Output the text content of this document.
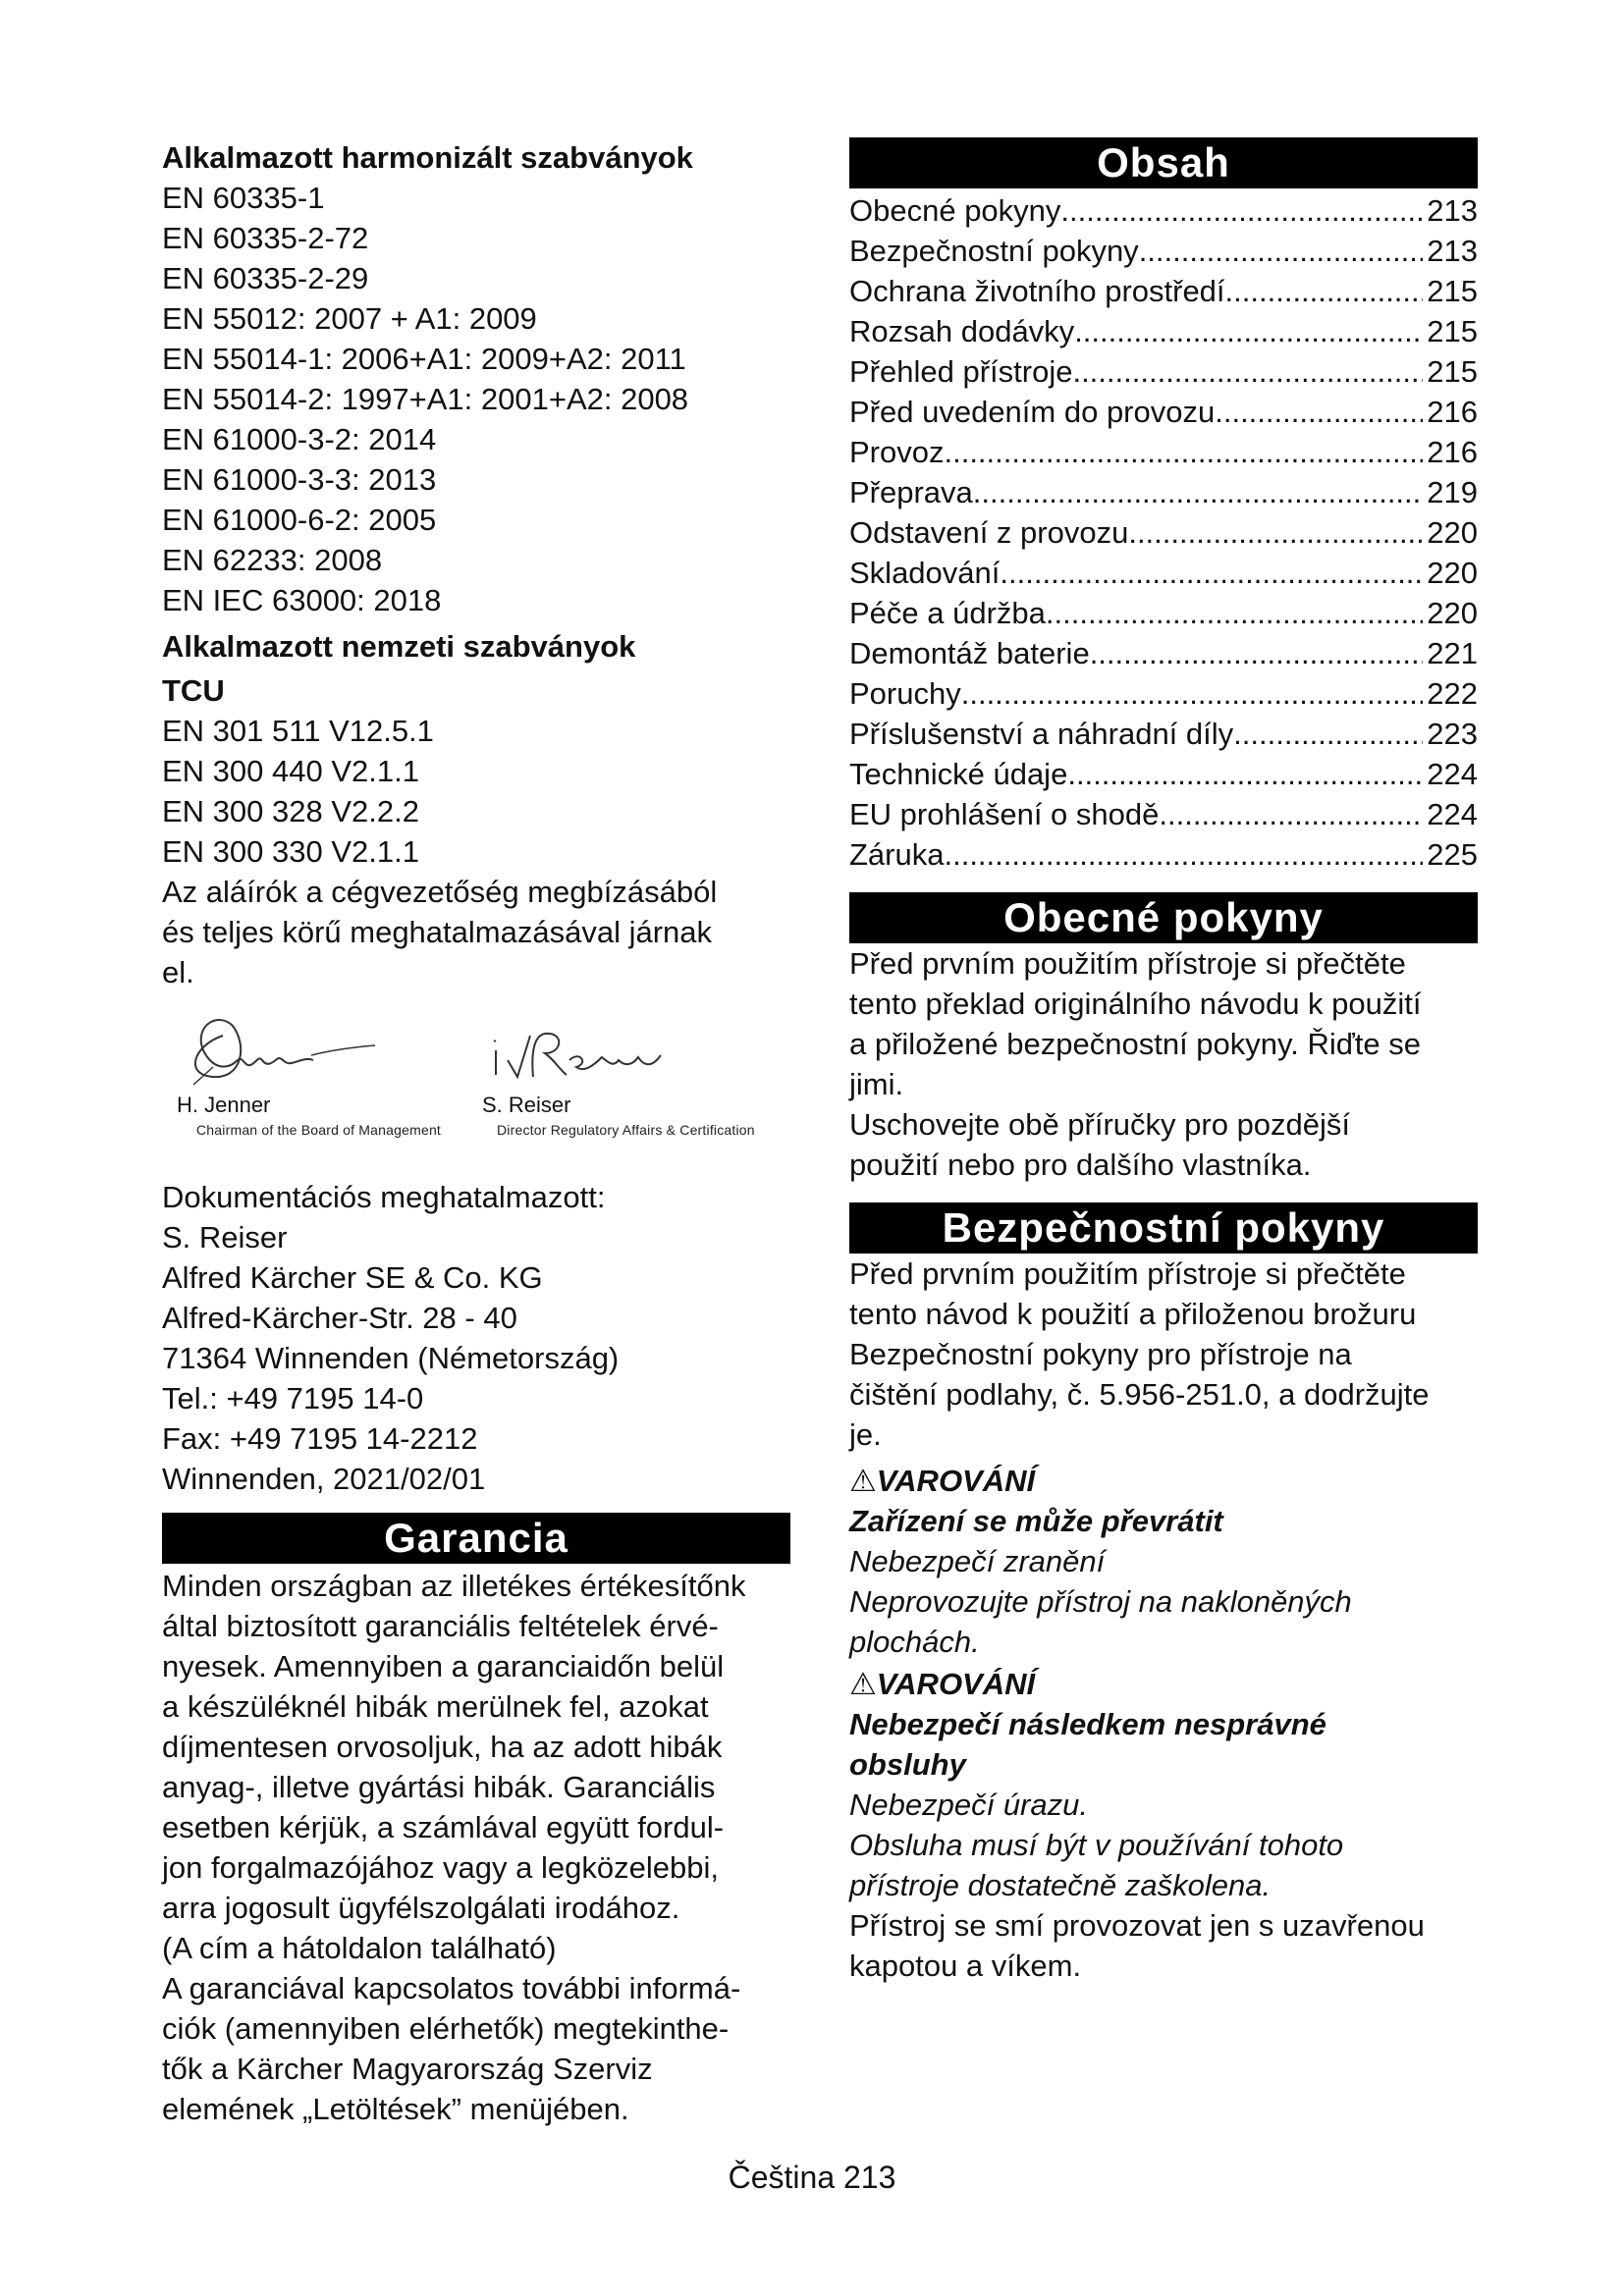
Alkalmazott harmonizált szabványok
EN 60335-1
EN 60335-2-72
EN 60335-2-29
EN 55012: 2007 + A1: 2009
EN 55014-1: 2006+A1: 2009+A2: 2011
EN 55014-2: 1997+A1: 2001+A2: 2008
EN 61000-3-2: 2014
EN 61000-3-3: 2013
EN 61000-6-2: 2005
EN 62233: 2008
EN IEC 63000: 2018
Alkalmazott nemzeti szabványok
TCU
EN 301 511 V12.5.1
EN 300 440 V2.1.1
EN 300 328 V2.2.2
EN 300 330 V2.1.1
Az aláírók a cégvezetőség megbízásából
és teljes körű meghatalmazásával járnak
el.
H. Jenner
Chairman of the Board of Management
S. Reiser
Director Regulatory Affairs & Certification
Dokumentációs meghatalmazott:
S. Reiser
Alfred Kärcher SE & Co. KG
Alfred-Kärcher-Str. 28 - 40
71364 Winnenden (Németország)
Tel.: +49 7195 14-0
Fax: +49 7195 14-2212
Winnenden, 2021/02/01
Garancia
Minden országban az illetékes értékesítőnk
által biztosított garanciális feltételek érvé-
nyesek. Amennyiben a garanciaidőn belül
a készüléknél hibák merülnek fel, azokat
díjmentesen orvosoljuk, ha az adott hibák
anyag-, illetve gyártási hibák. Garanciális
esetben kérjük, a számlával együtt fordul-
jon forgalmazójához vagy a legközelebbi,
arra jogosult ügyfélszolgálati irodához.
(A cím a hátoldalon található)
A garanciával kapcsolatos további informá-
ciók (amennyiben elérhetők) megtekinthe-
tők a Kärcher Magyarország Szerviz
elemének „Letöltések” menüjében.
Obsah
Obecné pokyny .....	213
Bezpečnostní pokyny .....	213
Ochrana životního prostředí .....	215
Rozsah dodávky .....	215
Přehled přístroje .....	215
Před uvedením do provozu .....	216
Provoz .....	216
Přeprava .....	219
Odstavení z provozu .....	220
Skladování .....	220
Péče a údržba .....	220
Demontáž baterie .....	221
Poruchy .....	222
Příslušenství a náhradní díly .....	223
Technické údaje .....	224
EU prohlášení o shodě .....	224
Záruka .....	225
Obecné pokyny
Před prvním použitím přístroje si přečtěte
tento překlad originálního návodu k použití
a přiložené bezpečnostní pokyny. Řiďte se
jimi.
Uschovejte obě příručky pro pozdější
použití nebo pro dalšího vlastníka.
Bezpečnostní pokyny
Před prvním použitím přístroje si přečtěte
tento návod k použití a přiloženou brožuru
Bezpečnostní pokyny pro přístroje na
čištění podlahy, č. 5.956-251.0, a dodržujte
je.
⚠VAROVÁNÍ
Zařízení se může převrátit
Nebezpečí zranění
Neprovozujte přístroj na nakloněných
plochách.
⚠VAROVÁNÍ
Nebezpečí následkem nesprávné
obsluhy
Nebezpečí úrazu.
Obsluha musí být v používání tohoto
přístroje dostatečně zaškolena.
Přístroj se smí provozovat jen s uzavřenou
kapotou a víkem.
Čeština 213
